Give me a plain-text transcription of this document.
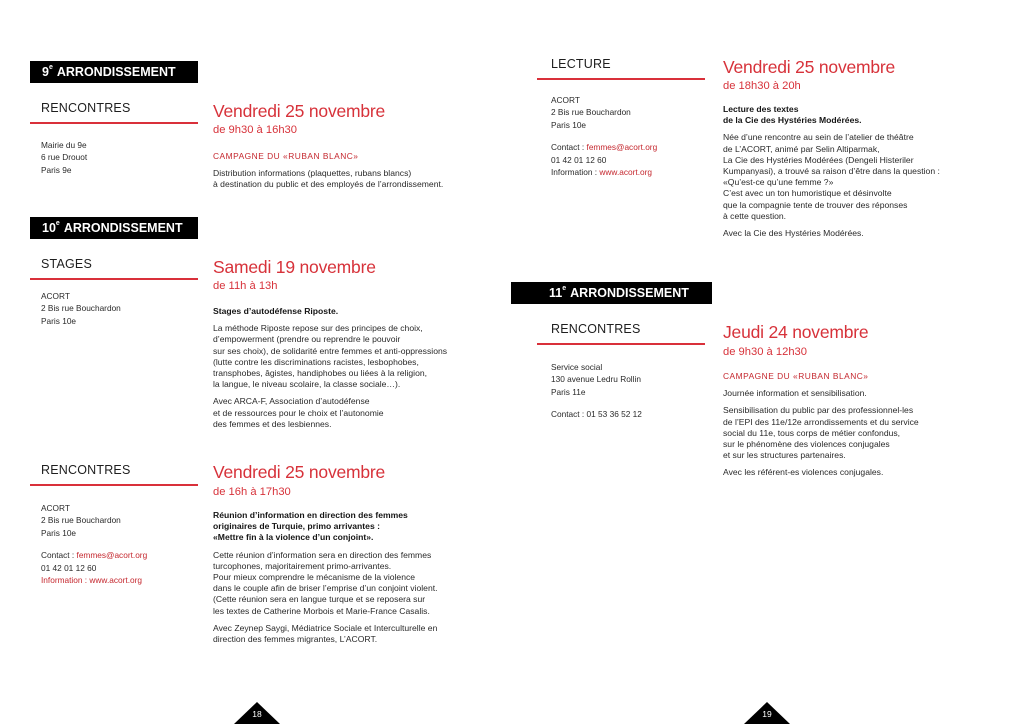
9e ARRONDISSEMENT
RENCONTRES

Mairie du 9e

6 rue Drouot

Paris 9e

Vendredi 25 novembre
de 9h30 à 16h30

CAMPAGNE DU «RUBAN BLANC»

Distribution informations (plaquettes, rubans blancs)
à destination du public et des employés de l’arrondissement.

10e ARRONDISSEMENT
STAGES

ACORT

2 Bis rue Bouchardon

Paris 10e

Samedi 19 novembre
de 11h à 13h

Stages d’autodéfense Riposte.

La méthode Riposte repose sur des principes de choix,
d’empowerment (prendre ou reprendre le pouvoir
sur ses choix), de solidarité entre femmes et anti-oppressions
(lutte contre les discriminations racistes, lesbophobes,
transphobes, âgistes, handiphobes ou liées à la religion,
la langue, le niveau scolaire, la classe sociale…).

Avec ARCA-F, Association d’autodéfense
et de ressources pour le choix et l’autonomie
des femmes et des lesbiennes.

RENCONTRES

ACORT

2 Bis rue Bouchardon

Paris 10e

Contact : femmes@acort.org

01 42 01 12 60

Information : www.acort.org

Vendredi 25 novembre
de 16h à 17h30

Réunion d’information en direction des femmes
originaires de Turquie, primo arrivantes :
«Mettre fin à la violence d’un conjoint».

Cette réunion d’information sera en direction des femmes
turcophones, majoritairement primo-arrivantes.
Pour mieux comprendre le mécanisme de la violence
dans le couple afin de briser l’emprise d’un conjoint violent.
(Cette réunion sera en langue turque et se reposera sur
les textes de Catherine Morbois et Marie-France Casalis.

Avec Zeynep Saygi, Médiatrice Sociale et Interculturelle en
direction des femmes migrantes, L’ACORT.

18
LECTURE

ACORT

2 Bis rue Bouchardon

Paris 10e

Contact : femmes@acort.org

01 42 01 12 60

Information : www.acort.org

Vendredi 25 novembre
de 18h30 à 20h

Lecture des textes
de la Cie des Hystéries Modérées.

Née d’une rencontre au sein de l’atelier de théâtre
de L’ACORT, animé par Selin Altiparmak,
La Cie des Hystéries Modérées (Dengeli Histeriler
Kumpanyasi), a trouvé sa raison d’être dans la question :
«Qu’est-ce qu’une femme ?»
C’est avec un ton humoristique et désinvolte
que la compagnie tente de trouver des réponses
à cette question.

Avec la Cie des Hystéries Modérées.

11e ARRONDISSEMENT
RENCONTRES

Service social

130 avenue Ledru Rollin

Paris 11e

Contact : 01 53 36 52 12

Jeudi 24 novembre
de 9h30 à 12h30

CAMPAGNE DU «RUBAN BLANC»

Journée information et sensibilisation.

Sensibilisation du public par des professionnel-les
de l’EPI des 11e/12e arrondissements et du service
social du 11e, tous corps de métier confondus,
sur le phénomène des violences conjugales
et sur les structures partenaires.

Avec les référent-es violences conjugales.

19
